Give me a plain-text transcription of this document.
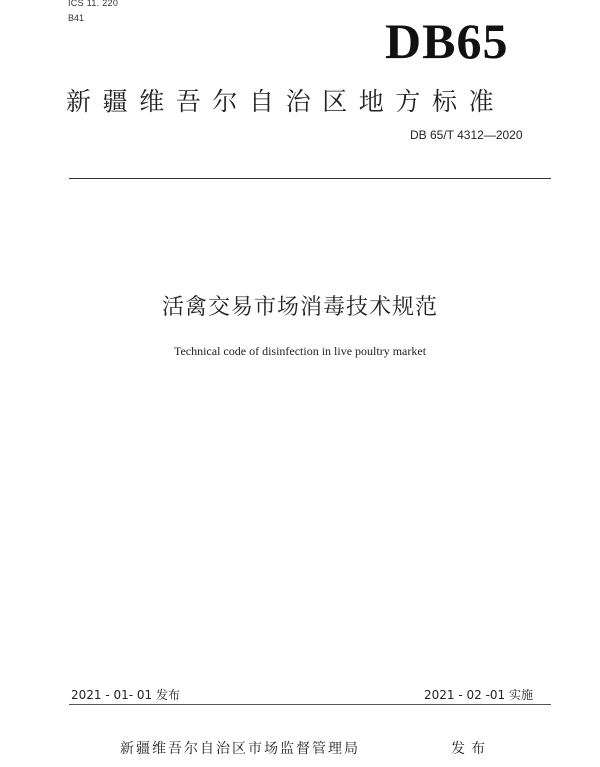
ICS 11. 220
B41	DB65
新疆维吾尔自治区地方标准
DB 65/T 4312—2020
活禽交易市场消毒技术规范
Technical code of disinfection in live poultry market
2021 - 01- 01 发布	2021 - 02 -01 实施
新疆维吾尔自治区市场监督管理局	发布
